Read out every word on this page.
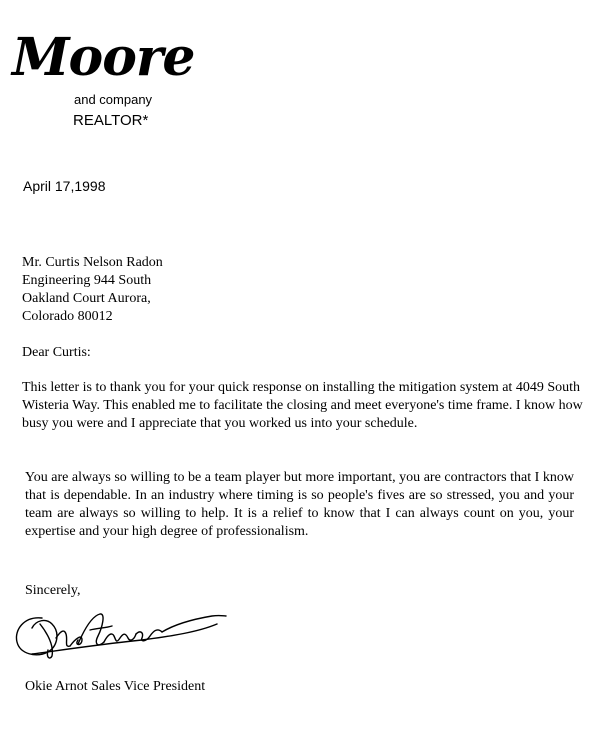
Moore
and company
REALTOR*
April 17,1998
Mr. Curtis Nelson Radon
Engineering 944 South
Oakland Court Aurora,
Colorado 80012
Dear Curtis:

This letter is to thank you for your quick response on installing the mitigation system at 4049 South Wisteria Way. This enabled me to facilitate the closing and meet everyone's time frame. I know how busy you were and I appreciate that you worked us into your schedule.

You are always so willing to be a team player but more important, you are contractors that I know that is dependable. In an industry where timing is so people's fives are so stressed, you and your team are always so willing to help. It is a relief to know that I can always count on you, your expertise and your high degree of professionalism.

Sincerely,
Okie Arnot Sales Vice President
